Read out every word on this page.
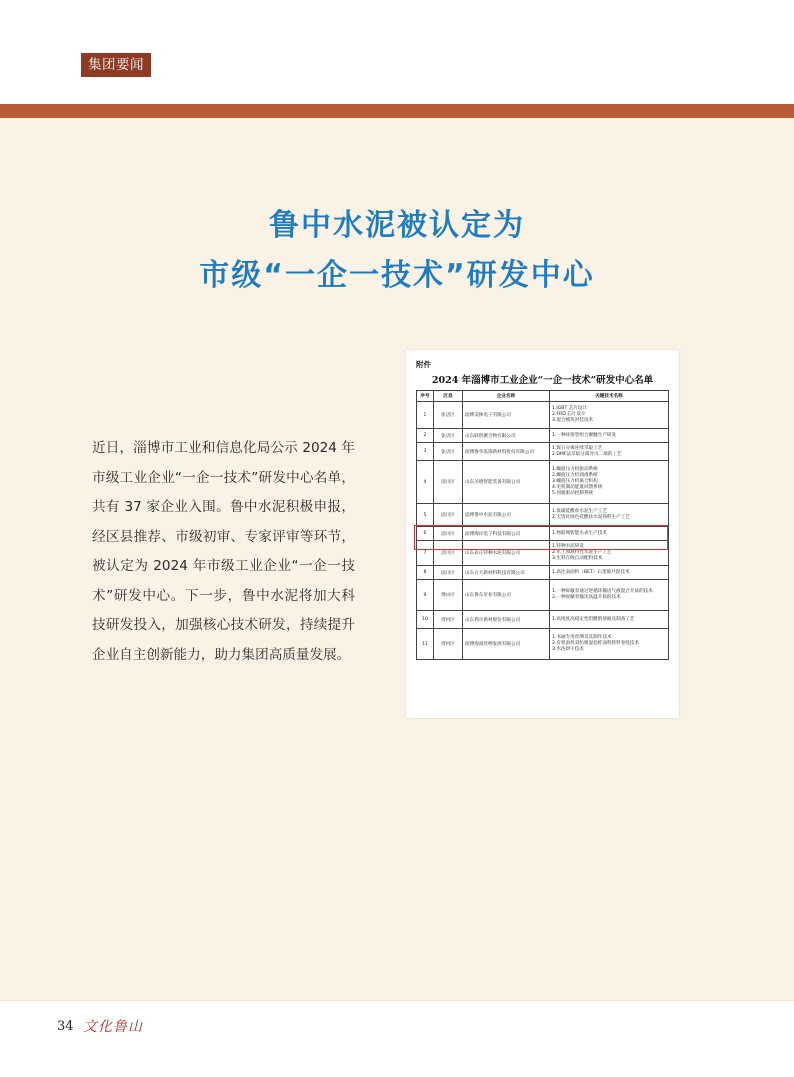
集团要闻
鲁中水泥被认定为
市级“一企一技术”研发中心
近日，淄博市工业和信息化局公示 2024 年市级工业企业“一企一技术”研发中心名单，共有 37 家企业入围。鲁中水泥积极申报，经区县推荐、市级初审、专家评审等环节，被认定为 2024 年市级工业企业“一企一技术”研发中心。下一步，鲁中水泥将加大科技研发投入，加强核心技术研发，持续提升企业自主创新能力，助力集团高质量发展。
附件
2024 年淄博市工业企业“一企一技术”研发中心名单
序号	区县	企业名称	关键技术名称
1	张店区	淄博美林电子有限公司	1.IGBT 芯片设计
2.FRD 芯片设计
3.混合模块封装技术

2	张店区	山东联创聚合物有限公司	1.一种环保型组合聚醚生产研发

3	张店区	淄博鲁华泓锦新材料股份有限公司	1.煤五分离连续萃取工艺
2.DMF法萃取分离异戊二烯的工艺

4	淄川区	山东圣德智能装备有限公司	1.螺旋压力机驱动系统
2.螺旋压力机润滑系统
3.螺旋压力机离合机构
4.电机制动能量回馈系统
5.伺服驱动控制系统

5	淄川区	淄博鲁中水泥有限公司	1.低碳硅酸盐水泥生产工艺
2.无害化绿色硅酸盐水泥熟料生产工艺

6	淄川区	淄博海岸电子科技有限公司	1.物联网智能水表生产技术

7	淄川区	山东岩正特种水泥有限公司	1.特种水泥研发
2.军工领域特性水泥生产工艺
3.生料在线自动配料技术

8	淄川区	山东方大新材料科技有限公司	1.高比表面积（BET）石墨烯共混技术

9	博山区	山东鲁东泵业有限公司	1.一种屏蔽泵通过逆循环输送气液混合介质的技术
2.一种屏蔽泵输送高温介质的技术

10	周村区	山东利尔新材股份有限公司	1.高纯度高稳定性铝酸钠溶液及制备工艺

11	周村区	淄博海润丝绸发展有限公司	1.书画专用丝绸及其制作技术
2.有机蚕丝双纺喷湿捻纤面料胚料卷绕技术
3.水洗烘干技术
34 文化鲁山
